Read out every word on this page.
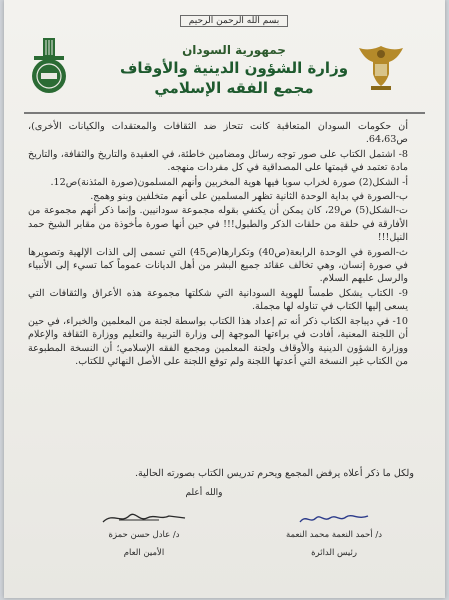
بسم الله الرحمن الرحيم
جمهورية السودان
وزارة الشؤون الدينية والأوقاف
مجمع الفقه الإسلامي

أن حكومات السودان المتعاقبة كانت تتحاز ضد الثقافات والمعتقدات والكيانات الأخرى)، ص64،63.

8- اشتمل الكتاب على صور توجه رسائل ومضامين خاطئة، في العقيدة والتاريخ والثقافة، والتاريخ مادة تعتمد في قيمتها على المصداقية في كل مفردات منهجه.

أ- الشكل(2) صورة لخراب سوبا فيها هوية المخربين وأنهم المسلمون(صورة المئذنة)ص12.

ب-الصورة في بداية الوحدة الثانية تظهر المسلمين على أنهم متخلفين وبنو وهمج.

ت-الشكل(5) ص29، كان يمكن أن يكتفي بقوله مجموعة سودانيين. وإنما ذكر أنهم مجموعة من الأفارقة في حلقة من حلقات الذكر والطبول!!! في حين أنها صورة مأخوذة من مقابر الشيخ حمد النيل!!!

ث-الصورة في الوحدة الرابعة(ص40) وتكرارها(ص45) التي تسمى إلى الذات الإلهية وتصويرها في صورة إنسان، وهي تخالف عقائد جميع البشر من أهل الديانات عموماً كما تسيء إلى الأنبياء والرسل عليهم السلام.

9- الكتاب يشكل طمساً للهوية السودانية التي شكلتها مجموعة هذه الأعراق والثقافات التي يسعى إليها الكتاب في تناوله لها مجملة.

10- في ديباجة الكتاب ذكر أنه تم إعداد هذا الكتاب بواسطة لجنة من المعلمين والخبراء، في حين أن اللجنة المعنية، أفادت في براءتها الموجهة إلى وزارة التربية والتعليم ووزارة الثقافة والإعلام ووزارة الشؤون الدينية والأوقاف ولجنة المعلمين ومجمع الفقه الإسلامي؛ أن النسخة المطبوعة من الكتاب غير النسخة التي أعدتها اللجنة ولم توقع اللجنة على الأصل النهائي للكتاب.

ولكل ما ذكر أعلاه يرفض المجمع ويحرم تدريس الكتاب بصورته الحالية.
والله أعلم
د/ عادل حسن حمزة
الأمين العام
د/ أحمد النعمة محمد النعمة
رئيس الدائرة
